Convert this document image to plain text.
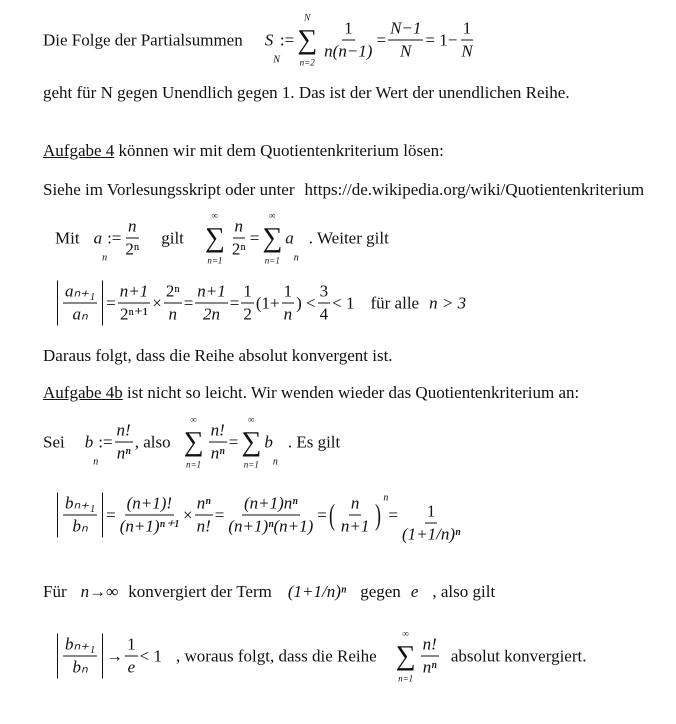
Die Folge der Partialsummen S
N
:=
N
∑
$n=2 \frac{1}{n(n-1)} = \frac{N-1}{N} = 1- \frac{1}{N}$
geht für N gegen Unendlich gegen 1. Das ist der Wert der unendlichen Reihe.
Aufgabe 4 können wir mit dem Quotientenkriterium lösen:
Siehe im Vorlesungsskript oder unter https://de.wikipedia.org/wiki/Quotientenkriterium
Mit a
n
:= $\frac{n}{\text{2ⁿ}}$ gilt
∞
∑
$n=1 \frac{n}{\text{2ⁿ}}$ =
∞
∑
n=1
a
n
. Weiter gilt
$\frac{\text{aₙ₊₁}}{\text{aₙ}} = \frac{n+1}{\text{2ⁿ⁺¹}} \times \frac{\text{2ⁿ}}{n} = \frac{n+1}{2n} = \frac{1}{2} (1+ \frac{1}{n}$ )
< $\frac{3}{4} < 1$ für alle n > 3
Daraus folgt, dass die Reihe absolut konvergent ist.
Aufgabe 4b ist nicht so leicht. Wir wenden wieder das Quotientenkriterium an:
Sei b
n
:= $\frac{n!}{\text{nⁿ}}$ , also
∞
∑
$n=1 \frac{n!}{\text{nⁿ}}$ =
∞
∑
n=1
b
n
. Es gilt
$\frac{\text{bₙ₊₁}}{\text{bₙ}} = \frac{(n+1)!}{\text{(n+1)ⁿ⁺¹}} \times \frac{\text{nⁿ}}{n!} = \frac{\text{(n+1)nⁿ}}{\text{(n+1)ⁿ(n+1)}}$ = ( $\frac{n}{n+1} )^n$
= $\frac{1}{\text{(1+1/n)ⁿ}}$
Für n→∞ konvergiert der Term (1+1/n)ⁿ gegen e , also gilt
$\frac{\text{bₙ₊₁}}{\text{bₙ}} \to \frac{1}{e} < 1$ , woraus folgt, dass die Reihe
∞
∑
$n=1 \frac{n!}{\text{nⁿ}}$ absolut konvergiert.
